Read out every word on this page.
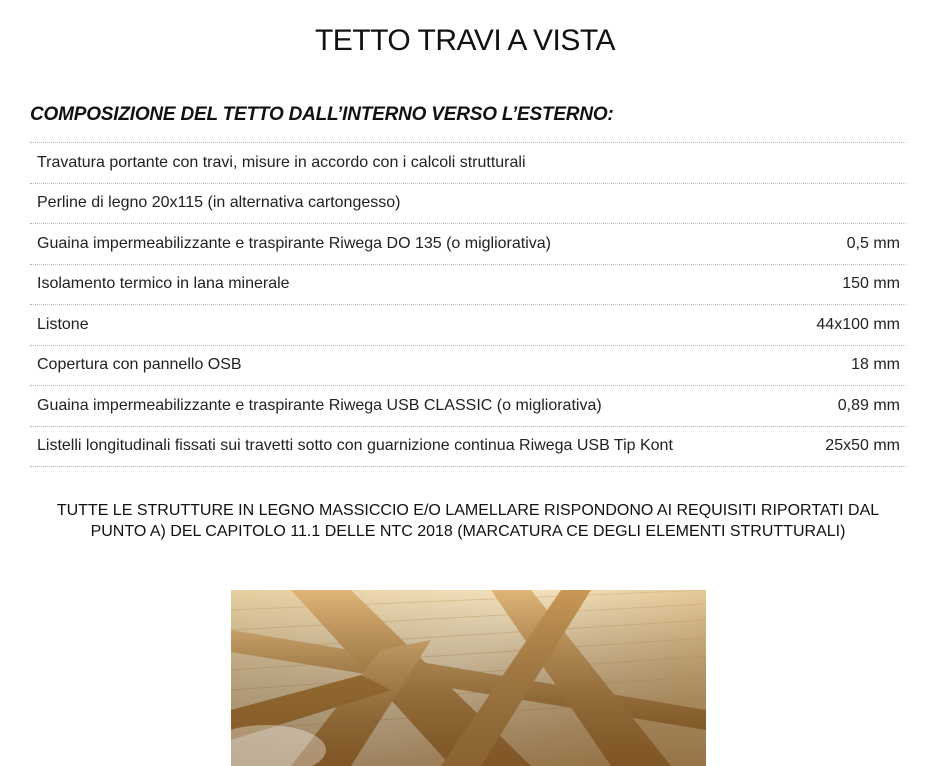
TETTO TRAVI A VISTA
COMPOSIZIONE DEL TETTO DALL’INTERNO VERSO L’ESTERNO:
Travatura portante con travi, misure in accordo con i calcoli strutturali
Perline di legno 20x115 (in alternativa cartongesso)
Guaina impermeabilizzante e traspirante Riwega DO 135 (o migliorativa)	0,5 mm
Isolamento termico in lana minerale	150 mm
Listone	44x100 mm
Copertura con pannello OSB	18 mm
Guaina impermeabilizzante e traspirante Riwega USB CLASSIC (o migliorativa)	0,89 mm
Listelli longitudinali fissati sui travetti sotto con guarnizione continua Riwega USB Tip Kont	25x50 mm
TUTTE LE STRUTTURE IN LEGNO MASSICCIO E/O LAMELLARE RISPONDONO AI REQUISITI RIPORTATI DAL PUNTO A) DEL CAPITOLO 11.1 DELLE NTC 2018 (MARCATURA CE DEGLI ELEMENTI STRUTTURALI)
